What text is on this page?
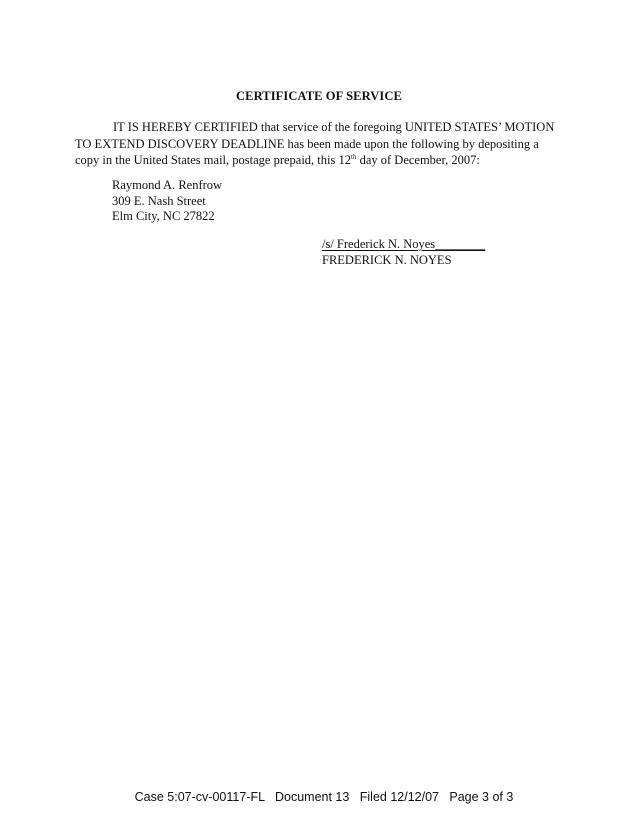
CERTIFICATE OF SERVICE
IT IS HEREBY CERTIFIED that service of the foregoing UNITED STATES’ MOTION
TO EXTEND DISCOVERY DEADLINE has been made upon the following by depositing a
copy in the United States mail, postage prepaid, this 12th day of December, 2007:
Raymond A. Renfrow
309 E. Nash Street
Elm City, NC 27822
/s/ Frederick N. Noyes________
FREDERICK N. NOYES
Case 5:07-cv-00117-FL   Document 13   Filed 12/12/07   Page 3 of 3
